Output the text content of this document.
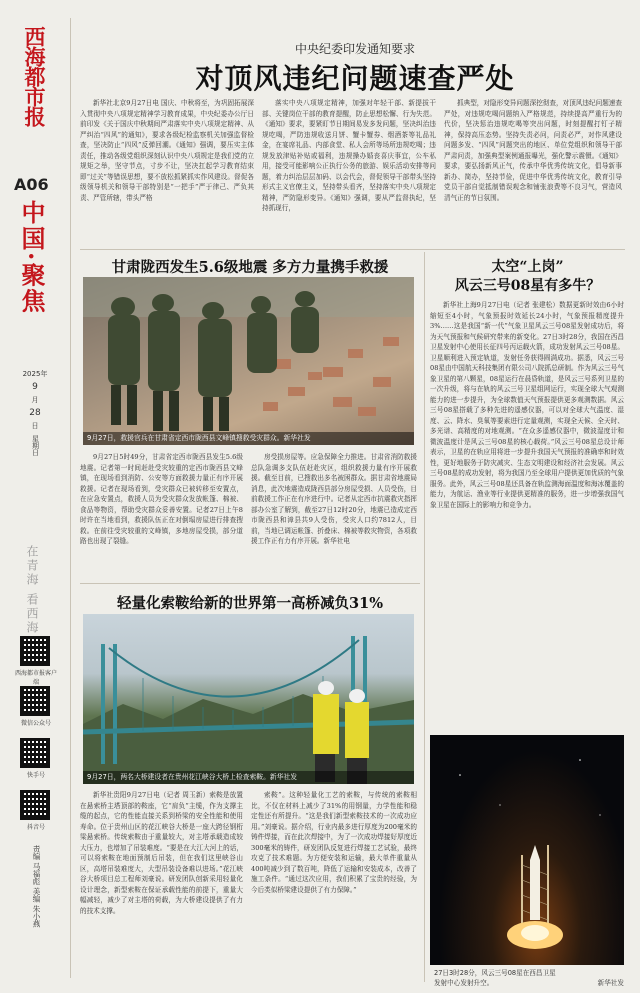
西海都市报
A06
中国·聚焦
2025年
9
月
28
日
星期日
在青海 看西海
西海都市报客户端
微信公众号
快手号
抖音号
责编 马福彪 美编 朱小燕
中央纪委印发通知要求
对顶风违纪问题速查严处
新华社北京9月27日电 国庆、中秋将至，为巩固拓展深入贯彻中央八项规定精神学习教育成果，中央纪委办公厅日前印发《关于国庆中秋期间严肃落实中央八项规定精神、从严纠治“四风”的通知》，要求各级纪检监察机关加强监督检查，坚决防止“四风”反弹回潮。《通知》强调，要压实主体责任，推动各级党组织深刻认识中央八项规定是我们党的立规矩之举，坚守节点，寸步不让，坚决扛起学习教育结束即“过关”等错误思想，要不放松抓紧抓实作风建设。督促各级领导机关和领导干部特别是“一把手”严于律己、严负其责、严管所辖，带头严格
落实中央八项规定精神，加强对年轻干部、新提拔干部、关键岗位干部的教育提醒，防止思想松懈、行为失范。《通知》要求，要紧盯节日期间易发多发问题，坚决纠治违规吃喝，严防违规收送月饼、蟹卡蟹券、烟酒茶等礼品礼金，在宴席礼品、内部食堂、私人会所等场所违规吃喝；违规发放津贴补贴或福利，违规操办婚丧喜庆事宜，公车私用，接受可能影响公正执行公务的旅游、娱乐活动安排等问题，着力纠治层层加码、以会代会，督促领导干部带头坚持形式主义官僚主义，坚持带头看齐，坚持落实中央八项规定精神，严防隐形变异。《通知》强调，要从严监督执纪，坚持抓现行，
抓典型，对隐形变异问题深挖彻查，对顶风违纪问题速查严处，对违规吃喝问题纳入严格规范，持续提高严重行为的代价，坚决惩治违规吃喝等突出问题，时刻提醒打钉子精神，保持高压态势。坚持失责必问，问责必严，对作风建设问题多发、“四风”问题突出的地区、单位党组织和领导干部严肃问责，加强典型案例通报曝光，强化警示震慑。《通知》要求，要弘扬新风正气，传承中华优秀传统文化，倡导新事新办、简办，坚持节俭，促进中华优秀传统文化，教育引导党员干部自觉抵制错误观念和铺张浪费等不良习气，营造风清气正的节日氛围。
甘肃陇西发生5.6级地震 多方力量携手救援
9月27日，救援官兵在甘肃省定西市陇西县文峰镇搜救受灾群众。新华社发
9月27日5时49分，甘肃省定西市陇西县发生5.6级地震。记者第一时间赶赴受灾较重的定西市陇西县文峰镇，在现场看到消防、公安等方面救援力量正有序开展救援。记者在现场看到，受灾群众已被转移至安置点，在应急安置点，救援人员为受灾群众发放帐篷、棉被、食品等物资，帮助受灾群众妥善安置。记者27日上午8时许在当地看到，救援队伍正在对倒塌房屋进行排查搜救。在前往受灾较重的文峰镇，多地房屋受损，部分道路也出现了裂缝。
房受损房屋等。应急保障全力推进。甘肃省消防救援总队急调多支队伍赶赴灾区，组织救援力量有序开展救援。截至目前，已搜救出多名被困群众。据甘肃省地震局消息，此次地震造成陇西县部分房屋受损、人员受伤，目前救援工作正在有序进行中。记者从定西市抗震救灾指挥部办公室了解到，截至27日12时20分，地震已造成定西市陇西县和漳县共9人受伤，受灾人口约7812人，目前，当地已调运帐篷、折叠床、棉被等救灾物资，各项救援工作正有力有序开展。新华社电
轻量化索鞍给新的世界第一高桥减负31%
9月27日，两名大桥建设者在贵州花江峡谷大桥上检查索鞍。新华社发
新华社贵阳9月27日电（记者 周玉新）索鞍是放置在悬索桥主塔顶部的鞍座，它“肩负”主缆，作为支撑主缆的起点，它的性能直接关系到桥梁的安全性能和使用寿命。位于贵州山区的花江峡谷大桥是一座大跨径钢桁梁悬索桥。传统索鞍由于重量较大，对主塔承载造成较大压力，也增加了吊装难度。“要是在大江大河上的话，可以将索鞍在地面预制后吊装，但在我们这里峡谷山区，高塔吊装难度大，大型吊装设备难以进场。”花江峡谷大桥项目总工程师刘豪说。研发团队创新采用轻量化设计理念，新型索鞍在保证承载性能的前提下，重量大幅减轻，减少了对主塔的荷载，为大桥建设提供了有力的技术支撑。
索鞍”。这种轻量化工艺的索鞍，与传统的索鞍相比，不仅在材料上减少了31%的用钢量，力学性能和稳定性还有所提升。“这是我们新型索鞍技术的一次成功应用。”刘豪说。据介绍，行业内最多进行厚度为200毫米的铸件焊接，而在此次焊接中，为了一次成功焊接好厚度近300毫米的铸件，研发团队反复进行焊接工艺试验，最终攻克了技术难题。为方便安装和运输，最大单件重量从400吨减少到了数百吨，降低了运输和安装成本，改善了施工条件。“通过这次应用，我们积累了宝贵的经验，为今后类似桥梁建设提供了有力保障。”
太空“上岗”
风云三号08星有多牛？
新华社上海9月27日电（记者 张建松）数据更新时效由6小时缩短至4小时，气象预报时效延长24小时，气象预报精度提升3%……这是我国“新一代”气象卫星风云三号08星发射成功后，将为天气预报和气候研究带来的新变化。27日3时28分，我国在西昌卫星发射中心使用长征四号丙运载火箭，成功发射风云三号08星。卫星顺利进入预定轨道，发射任务获得圆满成功。据悉，风云三号08星由中国航天科技集团有限公司八院抓总研制。作为风云三号气象卫星的第八颗星，08星运行在晨昏轨道，是风云三号系列卫星的一次升级，将与在轨的风云三号卫星组网运行，实现全球大气观测能力的进一步提升，为全球数值天气预报提供更多观测数据。风云三号08星搭载了多种先进的遥感仪器，可以对全球大气温度、湿度、云、降水、臭氧等要素进行定量观测，实现全天候、全天时、多光谱、高精度的对地观测。“在众多遥感仪器中，微波湿度计和微波温度计是风云三号08星的核心载荷。”风云三号08星总设计师表示，卫星的在轨应用将进一步提升我国天气预报的准确率和时效性，更好地服务于防灾减灾、生态文明建设和经济社会发展。风云三号08星的成功发射，将为我国乃至全球用户提供更加优质的气象服务。此外，风云三号08星还具备在轨监测海面温度和海冰覆盖的能力，为航运、渔业等行业提供更精准的服务，进一步增强我国气象卫星在国际上的影响力和竞争力。
27日3时28分，风云三号08星在西昌卫星
发射中心发射升空。	新华社发
